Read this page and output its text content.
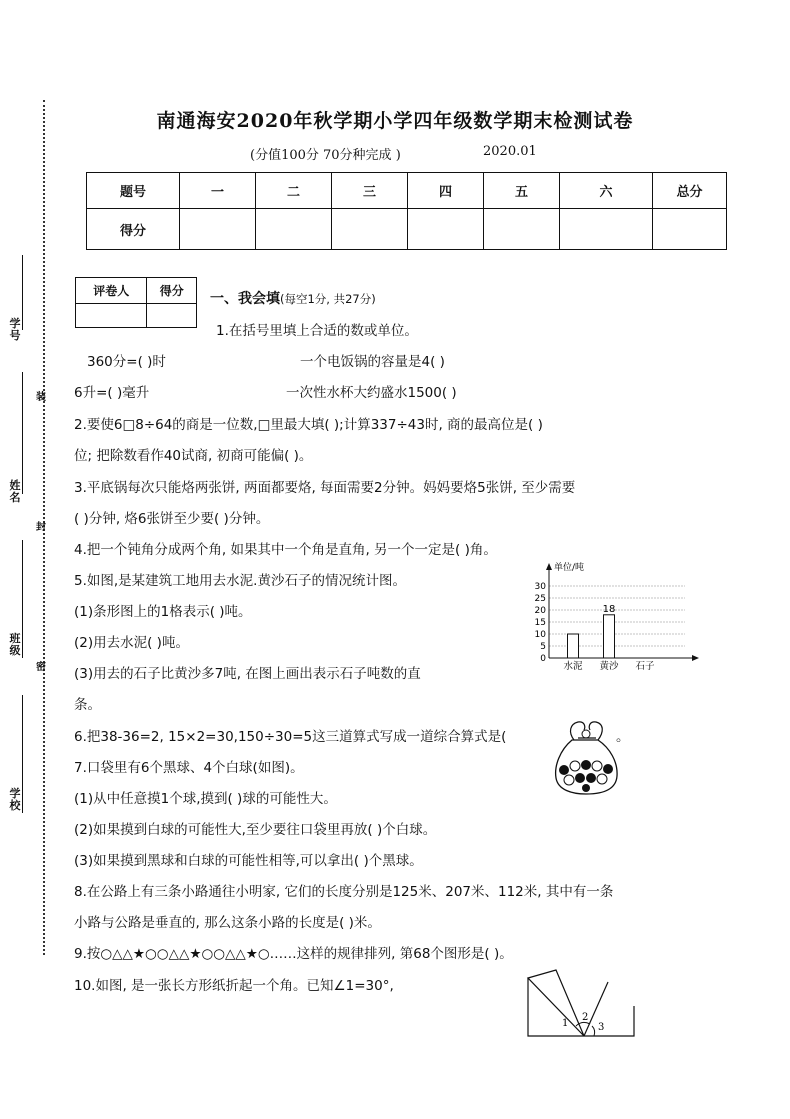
学号
姓名
班级
学校
装
封
密
南通海安2020年秋学期小学四年级数学期末检测试卷
(分值100分 70分种完成 )	2020.01
题号	一	二	三	四	五	六	总分
得分							
评卷人	得分
	一、我会填(每空1分, 共27分)
1.在括号里填上合适的数或单位。
360分=( )时	一个电饭锅的容量是4( )
6升=( )毫升	一次性水杯大约盛水1500( )
2.要使6□8÷64的商是一位数,□里最大填( );计算337÷43时, 商的最高位是( )
位; 把除数看作40试商, 初商可能偏( )。
3.平底锅每次只能烙两张饼, 两面都要烙, 每面需要2分钟。妈妈要烙5张饼, 至少需要
( )分钟, 烙6张饼至少要( )分钟。
4.把一个钝角分成两个角, 如果其中一个角是直角, 另一个一定是( )角。
5.如图,是某建筑工地用去水泥.黄沙石子的情况统计图。
(1)条形图上的1格表示( )吨。
(2)用去水泥( )吨。
(3)用去的石子比黄沙多7吨, 在图上画出表示石子吨数的直
条。
6.把38-36=2, 15×2=30,150÷30=5这三道算式写成一道综合算式是(	。
7.口袋里有6个黑球、4个白球(如图)。
(1)从中任意摸1个球,摸到( )球的可能性大。
(2)如果摸到白球的可能性大,至少要往口袋里再放( )个白球。
(3)如果摸到黑球和白球的可能性相等,可以拿出( )个黑球。
8.在公路上有三条小路通往小明家, 它们的长度分别是125米、207米、112米, 其中有一条
小路与公路是垂直的, 那么这条小路的长度是( )米。
9.按○△△★○○△△★○○△△★○……这样的规律排列, 第68个图形是( )。
10.如图, 是一张长方形纸折起一个角。已知∠1=30°,
单位/吨
0
5
10
15
20
25
30
18
水泥 黄沙 石子
1
2
3
